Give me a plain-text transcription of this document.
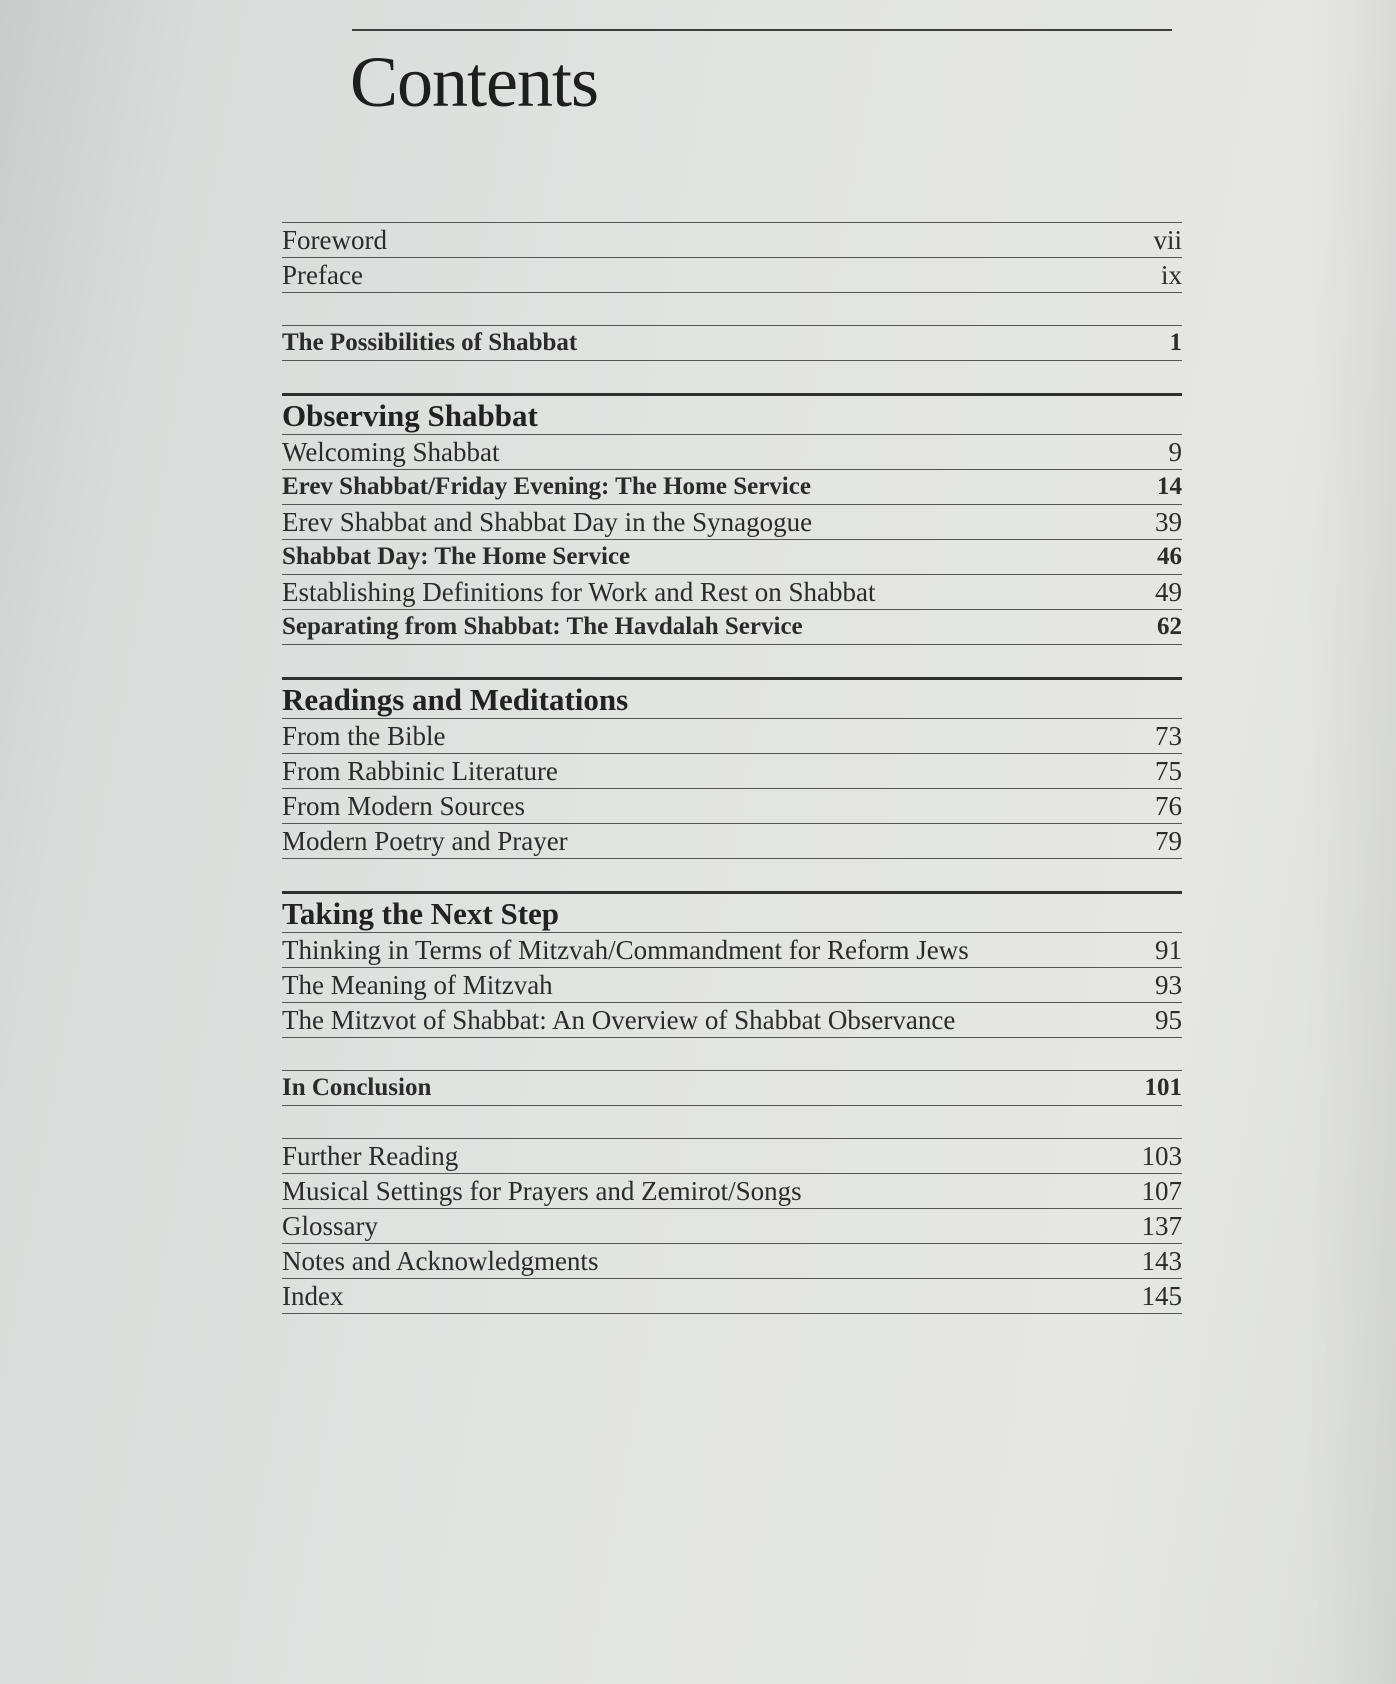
Contents
Foreword	vii
Preface	ix
The Possibilities of Shabbat	1
Observing Shabbat
Welcoming Shabbat	9
Erev Shabbat/Friday Evening: The Home Service	14
Erev Shabbat and Shabbat Day in the Synagogue	39
Shabbat Day: The Home Service	46
Establishing Definitions for Work and Rest on Shabbat	49
Separating from Shabbat: The Havdalah Service	62
Readings and Meditations
From the Bible	73
From Rabbinic Literature	75
From Modern Sources	76
Modern Poetry and Prayer	79
Taking the Next Step
Thinking in Terms of Mitzvah/Commandment for Reform Jews	91
The Meaning of Mitzvah	93
The Mitzvot of Shabbat: An Overview of Shabbat Observance	95
In Conclusion	101
Further Reading	103
Musical Settings for Prayers and Zemirot/Songs	107
Glossary	137
Notes and Acknowledgments	143
Index	145
